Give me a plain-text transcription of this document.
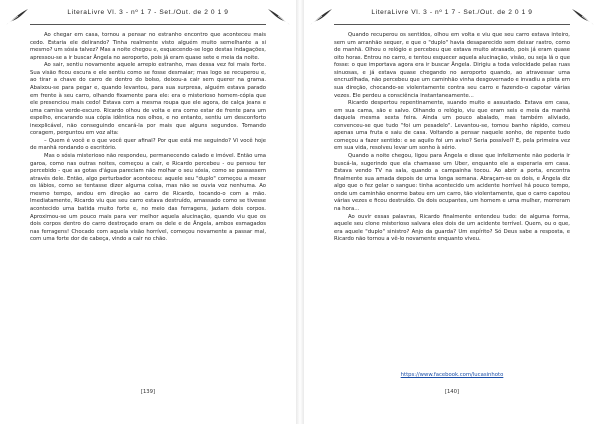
LiteraLivre Vl. 3 - nº 1 7 - Set./Out. de 2 0 1 9

Ao chegar em casa, tornou a pensar no estranho encontro que aconteceu mais cedo. Estaria ele delirando? Tinha realmente visto alguém muito semelhante a si mesmo? um sósia talvez? Mas a noite chegou e, esquecendo-se logo destas indagações, apressou-se a ir buscar Ângela no aeroporto, pois já eram quase sete e meia da noite.

Ao sair, sentiu novamente aquele arrepio estranho, mas dessa vez foi mais forte. Sua visão ficou escura e ele sentiu como se fosse desmaiar; mas logo se recuperou e, ao tirar a chave do carro de dentro do bolso, deixou-a cair sem querer na grama. Abaixou-se para pegar e, quando levantou, para sua surpresa, alguém estava parado em frente à seu carro, olhando fixamente para ele: era o misterioso homem-cópia que ele presenciou mais cedo! Estava com a mesma roupa que ele agora, de calça jeans e uma camisa verde-escuro. Ricardo olhou de volta e era como estar de frente para um espelho, encarando sua cópia idêntica nos olhos, e no entanto, sentiu um desconforto inexplicável, não conseguindo encará-la por mais que alguns segundos. Tomando coragem, perguntou em voz alta:

– Quem é você e o que você quer afinal? Por que está me seguindo? Vi você hoje de manhã rondando o escritório.

Mas o sósia misterioso não respondeu, permanecendo calado e imóvel. Então uma garoa, como nas outras noites, começou a cair, e Ricardo percebeu - ou pensou ter percebido - que as gotas d'água pareciam não molhar o seu sósia, como se passassem através dele. Então, algo perturbador aconteceu: aquele seu "duplo" começou a mexer os lábios, como se tentasse dizer alguma coisa, mas não se ouvia voz nenhuma. Ao mesmo tempo, andou em direção ao carro de Ricardo, tocando-o com a mão. Imediatamente, Ricardo viu que seu carro estava destruído, amassado como se tivesse acontecido uma batida muito forte e, no meio das ferragens, jaziam dois corpos. Aproximou-se um pouco mais para ver melhor aquela alucinação, quando viu que os dois corpos dentro do carro destroçado eram os dele e de Ângela, ambos esmagados nas ferragens! Chocado com aquela visão horrível, começou novamente a passar mal, com uma forte dor de cabeça, vindo a cair no chão.

[139]
LiteraLivre Vl. 3 - nº 1 7 - Set./Out. de 2 0 1 9

Quando recuperou os sentidos, olhou em volta e viu que seu carro estava inteiro, sem um arranhão sequer, e que o "duplo" havia desaparecido sem deixar rastro, como de manhã. Olhou o relógio e percebeu que estava muito atrasado, pois já eram quase oito horas. Entrou no carro, e tentou esquecer aquela alucinação, visão, ou seja lá o que fosse: o que importava agora era ir buscar Ângela. Dirigiu a toda velocidade pelas ruas sinuosas, e já estava quase chegando no aeroporto quando, ao atravessar uma encruzilhada, não percebeu que um caminhão vinha desgovernado e invadiu a pista em sua direção, chocando-se violentamente contra seu carro e fazendo-o capotar várias vezes. Ele perdeu a consciência instantaneamente...

Ricardo despertou repentinamente, suando muito e assustado. Estava em casa, em sua cama, são e salvo. Olhando o relógio, viu que eram seis e meia da manhã daquela mesma sexta feira. Ainda um pouco abalado, mas também aliviado, convenceu-se que tudo "foi um pesadelo". Levantou-se, tomou banho rápido, comeu apenas uma fruta e saiu de casa. Voltando a pensar naquele sonho, de repente tudo começou a fazer sentido: e se aquilo foi um aviso? Seria possível? E, pela primeira vez em sua vida, resolveu levar um sonho à sério.

Quando a noite chegou, ligou para Ângela e disse que infelizmente não poderia ir buscá-la, sugerindo que ela chamasse um Uber, enquanto ele a esperaria em casa. Estava vendo TV na sala, quando a campainha tocou. Ao abrir a porta, encontra finalmente sua amada depois de uma longa semana. Abraçam-se os dois, e Ângela diz algo que o fez gelar o sangue: tinha acontecido um acidente horrível há pouco tempo, onde um caminhão enorme bateu em um carro, tão violentamente, que o carro capotou várias vezes e ficou destruído. Os dois ocupantes, um homem e uma mulher, morreram na hora...

Ao ouvir essas palavras, Ricardo finalmente entendeu tudo: de alguma forma, aquele seu clone misterioso salvara eles dois de um acidente terrível. Quem, ou o que, era aquele "duplo" sinistro? Anjo da guarda? Um espírito? Só Deus sabe a resposta, e Ricardo não tornou a vê-lo novamente enquanto viveu.

https://www.facebook.com/lucasinhoto
[140]
